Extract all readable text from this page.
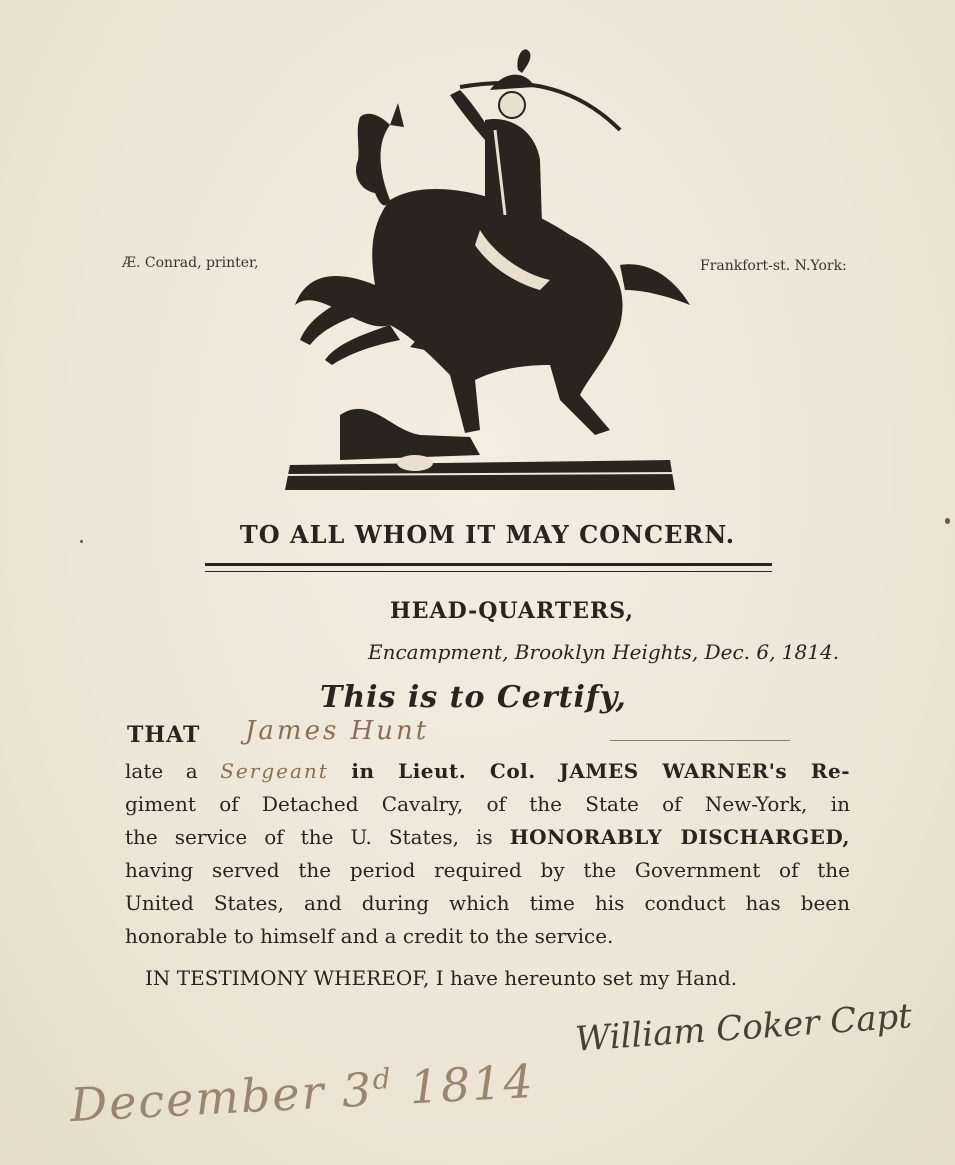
Æ. Conrad, printer,	Frankfort-st. N.York:
TO ALL WHOM IT MAY CONCERN.
HEAD-QUARTERS,
Encampment, Brooklyn Heights, Dec. 6, 1814.
This is to Certify,
THAT James Hunt
late a Sergeant in Lieut. Col. JAMES WARNER's Re-
giment of Detached Cavalry, of the State of New-York, in
the service of the U. States, is HONORABLY DISCHARGED,
having served the period required by the Government of the
United States, and during which time his conduct has been
honorable to himself and a credit to the service.
IN TESTIMONY WHEREOF, I have hereunto set my Hand.
William Coker Capt
December 3$^d$ 1814
